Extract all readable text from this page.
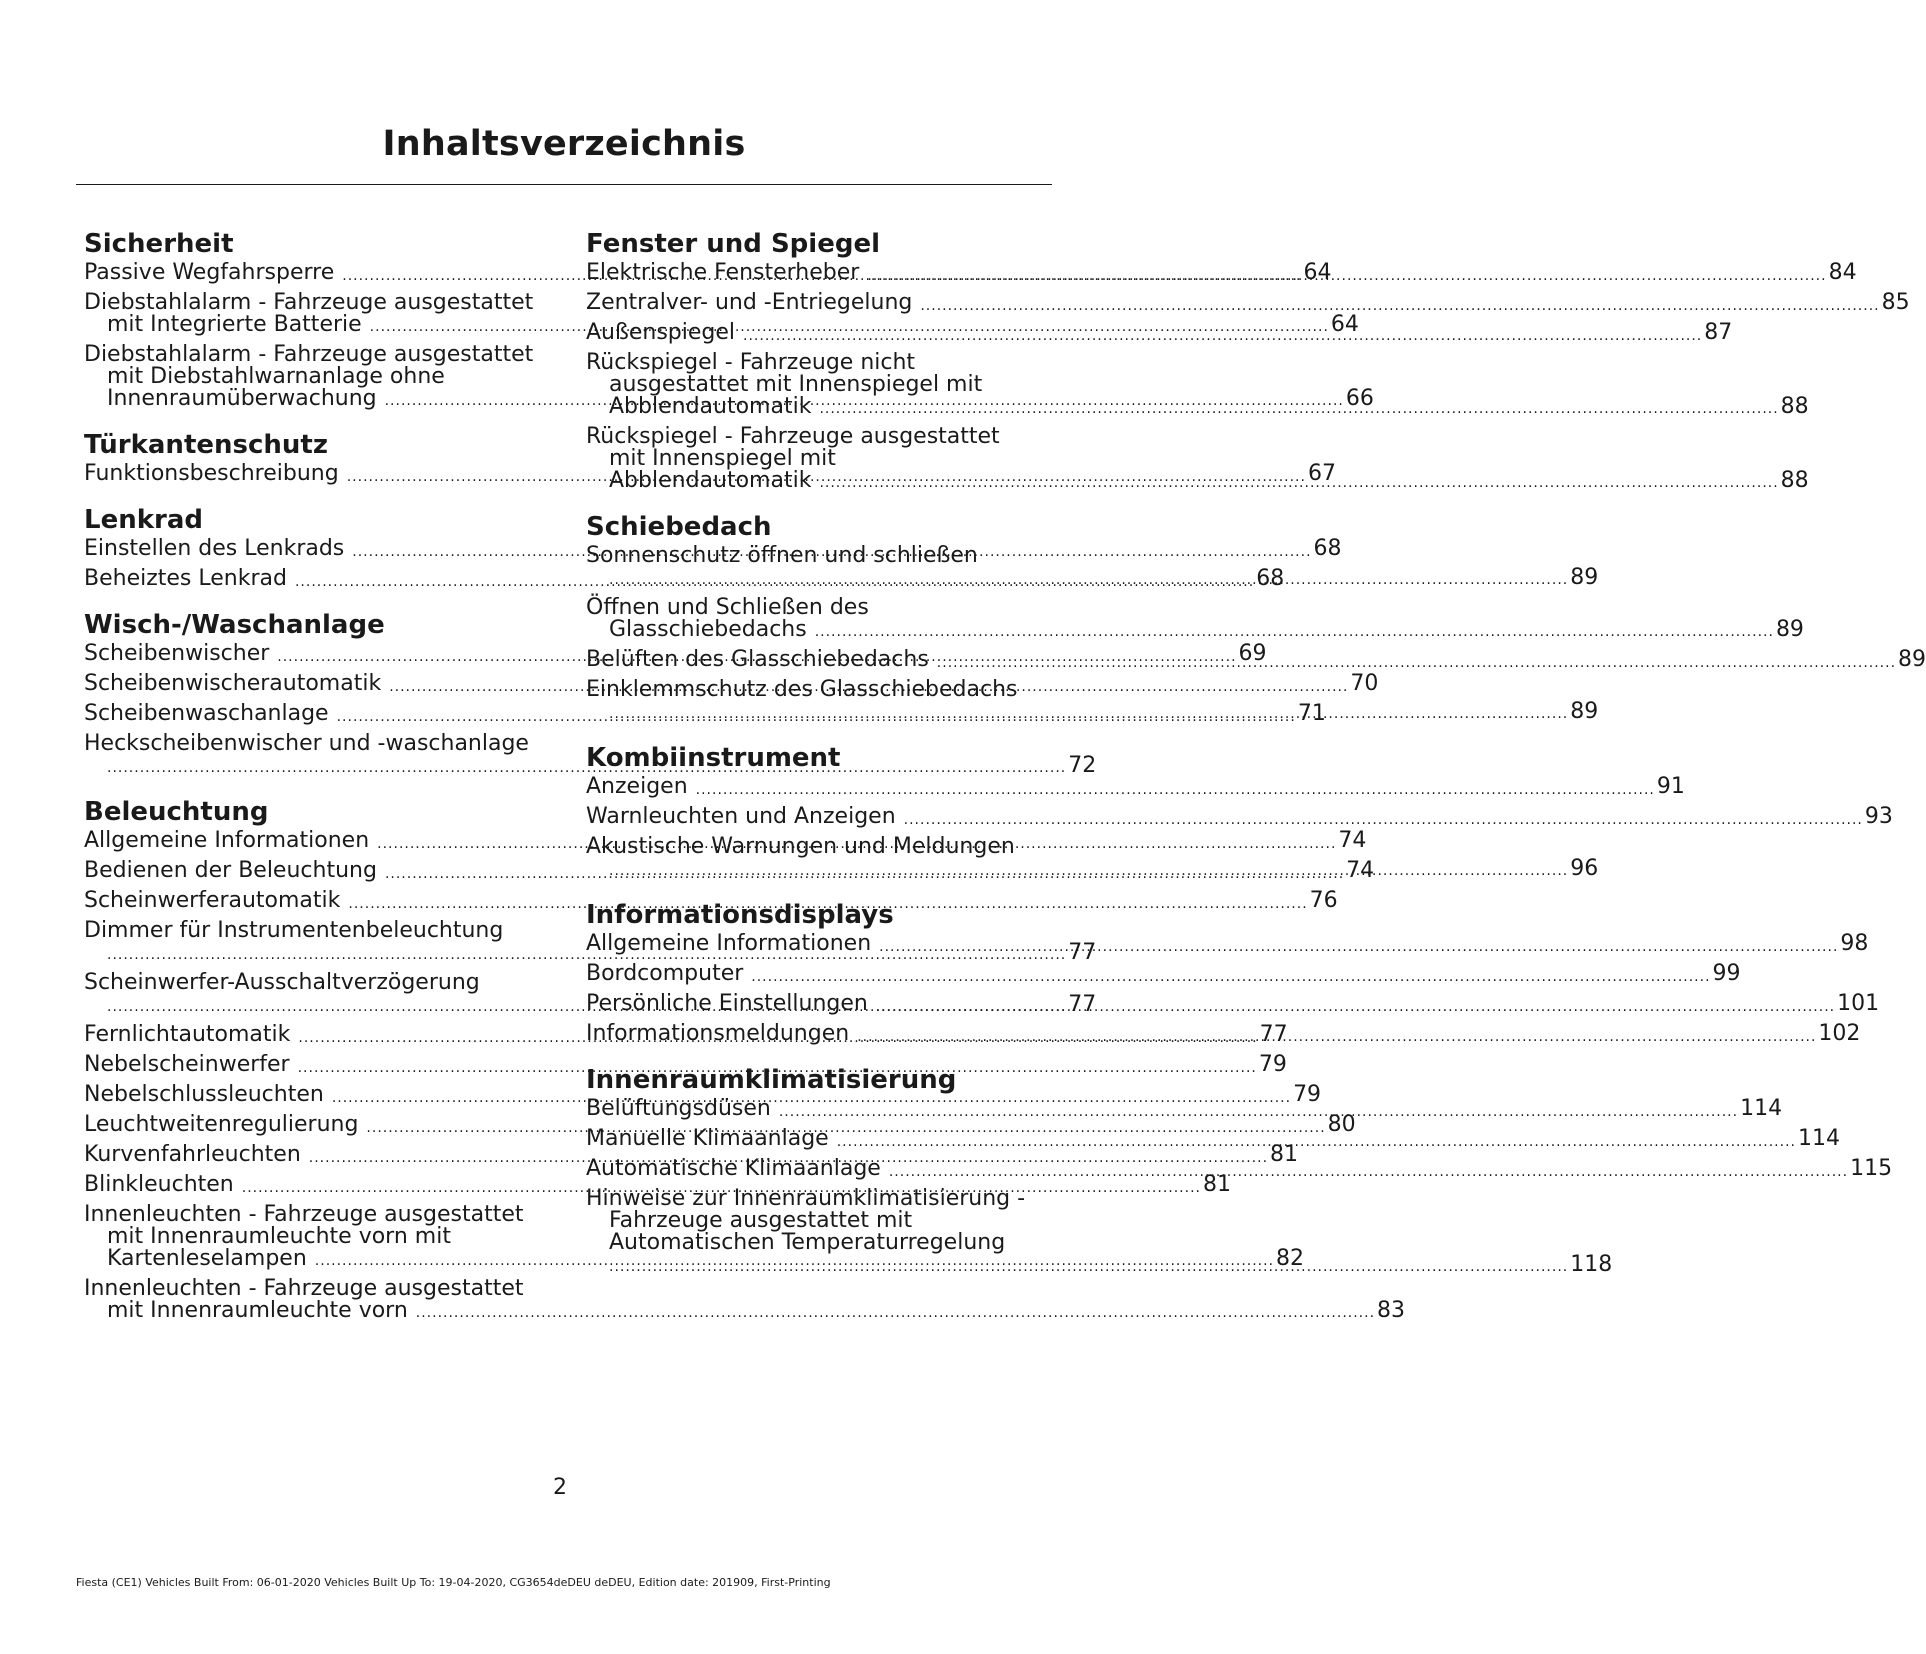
Inhaltsverzeichnis
Sicherheit
Passive Wegfahrsperre .....	64
Diebstahlalarm - Fahrzeuge ausgestattet
mit Integrierte Batterie .....	64
Diebstahlalarm - Fahrzeuge ausgestattet
mit Diebstahlwarnanlage ohne
Innenraumüberwachung .....	66
Türkantenschutz
Funktionsbeschreibung .....	67
Lenkrad
Einstellen des Lenkrads .....	68
Beheiztes Lenkrad .....	68
Wisch-/Waschanlage
Scheibenwischer .....	69
Scheibenwischerautomatik .....	70
Scheibenwaschanlage .....	71
Heckscheibenwischer und -waschanlage
.....72
Beleuchtung
Allgemeine Informationen .....	74
Bedienen der Beleuchtung .....	74
Scheinwerferautomatik .....	76
Dimmer für Instrumentenbeleuchtung
.....77
Scheinwerfer-Ausschaltverzögerung
.....77
Fernlichtautomatik .....	77
Nebelscheinwerfer .....	79
Nebelschlussleuchten .....	79
Leuchtweitenregulierung .....	80
Kurvenfahrleuchten .....	81
Blinkleuchten .....	81
Innenleuchten - Fahrzeuge ausgestattet
mit Innenraumleuchte vorn mit
Kartenleselampen .....	82
Innenleuchten - Fahrzeuge ausgestattet
mit Innenraumleuchte vorn .....	83
Fenster und Spiegel
Elektrische Fensterheber .....	84
Zentralver- und -Entriegelung .....	85
Außenspiegel .....	87
Rückspiegel - Fahrzeuge nicht
ausgestattet mit Innenspiegel mit
Abblendautomatik .....	88
Rückspiegel - Fahrzeuge ausgestattet
mit Innenspiegel mit
Abblendautomatik .....	88
Schiebedach
Sonnenschutz öffnen und schließen
.....89
Öffnen und Schließen des
Glasschiebedachs .....	89
Belüften des Glasschiebedachs .....	89
Einklemmschutz des Glasschiebedachs
.....89
Kombiinstrument
Anzeigen .....	91
Warnleuchten und Anzeigen .....	93
Akustische Warnungen und Meldungen
.....96
Informationsdisplays
Allgemeine Informationen .....	98
Bordcomputer .....	99
Persönliche Einstellungen .....	101
Informationsmeldungen .....	102
Innenraumklimatisierung
Belüftungsdüsen .....	114
Manuelle Klimaanlage .....	114
Automatische Klimaanlage .....	115
Hinweise zur Innenraumklimatisierung -
Fahrzeuge ausgestattet mit
Automatischen Temperaturregelung
.....118
2
Fiesta (CE1) Vehicles Built From: 06-01-2020 Vehicles Built Up To: 19-04-2020, CG3654deDEU deDEU, Edition date: 201909, First-Printing
